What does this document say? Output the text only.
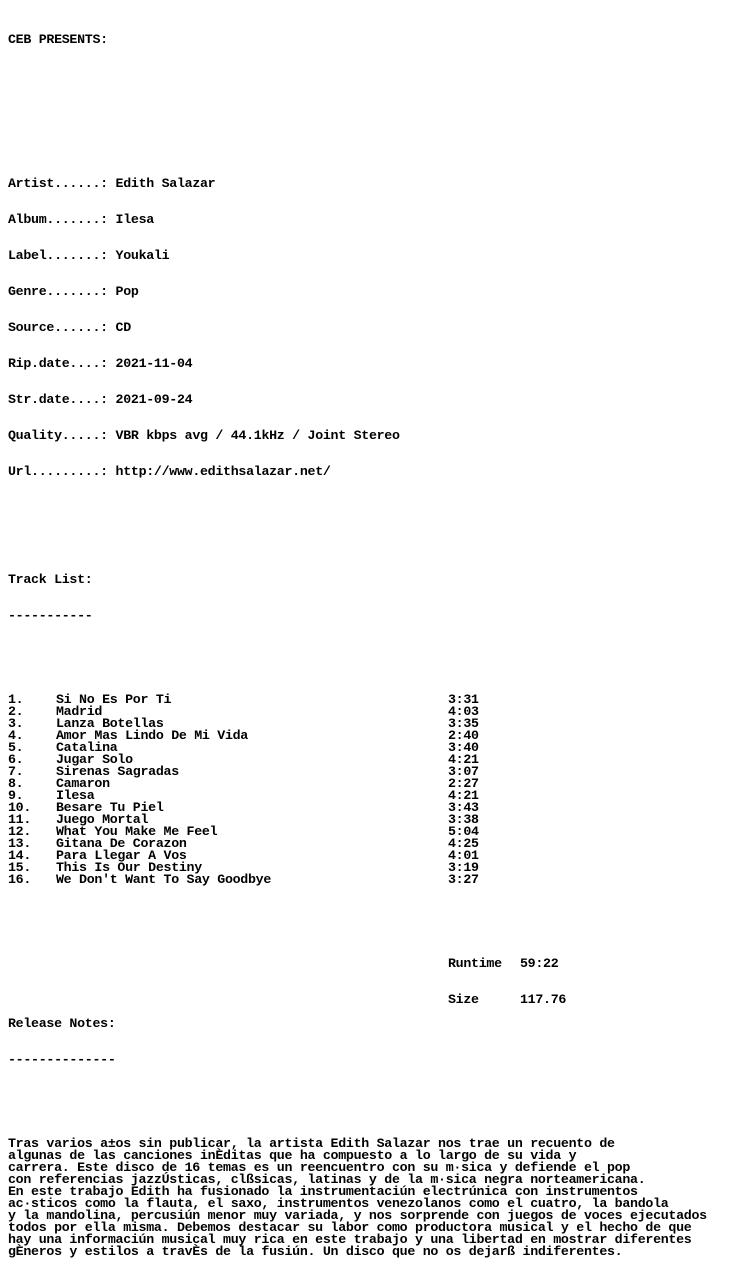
CEB PRESENTS:

Artist......: Edith Salazar

Album.......: Ilesa

Label.......: Youkali

Genre.......: Pop

Source......: CD

Rip.date....: 2021-11-04

Str.date....: 2021-09-24

Quality.....: VBR kbps avg / 44.1kHz / Joint Stereo

Url.........: http://www.edithsalazar.net/

Track List:

-----------

1. Si No Es Por Ti	3:31
2. Madrid	4:03
3. Lanza Botellas	3:35
4. Amor Mas Lindo De Mi Vida	2:40
5. Catalina	3:40
6. Jugar Solo	4:21
7. Sirenas Sagradas	3:07
8. Camaron	2:27
9. Ilesa	4:21
10. Besare Tu Piel	3:43
11. Juego Mortal	3:38
12. What You Make Me Feel	5:04
13. Gitana De Corazon	4:25
14. Para Llegar A Vos	4:01
15. This Is Our Destiny	3:19
16. We Don't Want To Say Goodbye	3:27

Runtime 59:22

Size	117.76

Release Notes:

--------------

Tras varios a±os sin publicar, la artista Edith Salazar nos trae un recuento de
algunas de las canciones inÈditas que ha compuesto a lo largo de su vida y
carrera. Este disco de 16 temas es un reencuentro con su m·sica y defiende el pop
con referencias jazzÚsticas, clßsicas, latinas y de la m·sica negra norteamericana.
En este trabajo Edith ha fusionado la instrumentaciún electrúnica con instrumentos
ac·sticos como la flauta, el saxo, instrumentos venezolanos como el cuatro, la bandola
y la mandolina, percusiún menor muy variada, y nos sorprende con juegos de voces ejecutados
todos por ella misma. Debemos destacar su labor como productora musical y el hecho de que
hay una informaciún musical muy rica en este trabajo y una libertad en mostrar diferentes
gÈneros y estilos a travÈs de la fusiún. Un disco que no os dejarß indiferentes.
